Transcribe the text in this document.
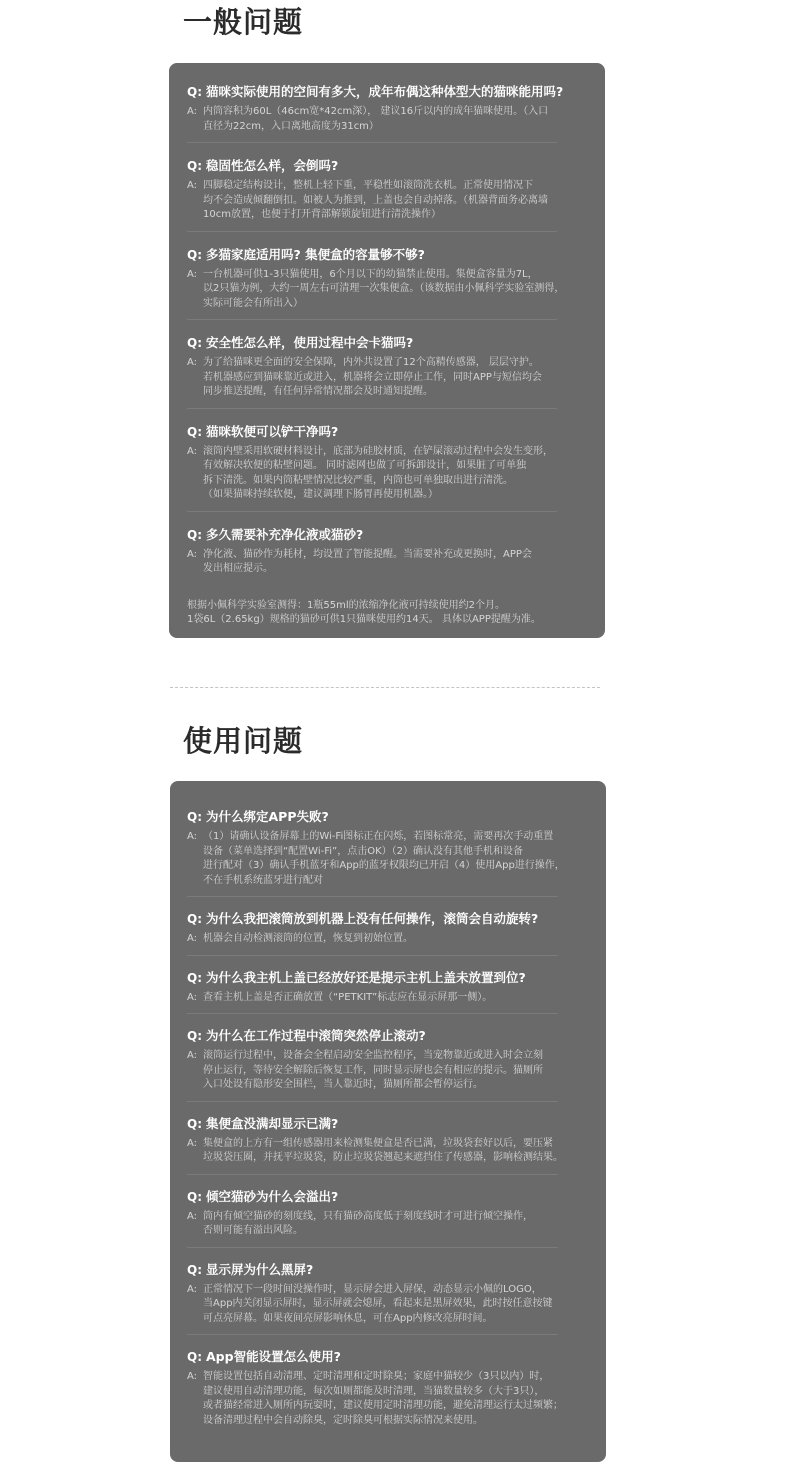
一般问题
Q: 猫咪实际使用的空间有多大，成年布偶这种体型大的猫咪能用吗?
A: 内筒容积为60L（46cm宽*42cm深）， 建议16斤以内的成年猫咪使用。（入口
直径为22cm，入口离地高度为31cm）
Q: 稳固性怎么样，会倒吗?
A: 四脚稳定结构设计，整机上轻下重，平稳性如滚筒洗衣机。正常使用情况下
均不会造成倾翻倒扣。如被人为推到，上盖也会自动掉落。（机器背面务必离墙
10cm放置，也便于打开背部解锁旋钮进行清洗操作）
Q: 多猫家庭适用吗? 集便盒的容量够不够?
A: 一台机器可供1-3只猫使用，6个月以下的幼猫禁止使用。集便盒容量为7L，
以2只猫为例，大约一周左右可清理一次集便盒。（该数据由小佩科学实验室测得，
实际可能会有所出入）
Q: 安全性怎么样，使用过程中会卡猫吗?
A: 为了给猫咪更全面的安全保障，内外共设置了12个高精传感器， 层层守护。
若机器感应到猫咪靠近或进入，机器将会立即停止工作，同时APP与短信均会
同步推送提醒，有任何异常情况都会及时通知提醒。
Q: 猫咪软便可以铲干净吗?
A: 滚筒内壁采用软硬材料设计，底部为硅胶材质，在铲屎滚动过程中会发生变形，
有效解决软便的粘壁问题。 同时滤网也做了可拆卸设计，如果脏了可单独
拆下清洗。如果内筒粘壁情况比较严重，内筒也可单独取出进行清洗。
（如果猫咪持续软便，建议调理下肠胃再使用机器。）
Q: 多久需要补充净化液或猫砂?
A: 净化液、猫砂作为耗材，均设置了智能提醒。当需要补充或更换时，APP会
发出相应提示。
根据小佩科学实验室测得：1瓶55ml的浓缩净化液可持续使用约2个月。
1袋6L（2.65kg）规格的猫砂可供1只猫咪使用约14天。 具体以APP提醒为准。
使用问题
Q: 为什么绑定APP失败?
A: （1）请确认设备屏幕上的Wi-Fi图标正在闪烁，若图标常亮，需要再次手动重置
设备（菜单选择到“配置Wi-Fi”，点击OK）（2）确认没有其他手机和设备
进行配对（3）确认手机蓝牙和App的蓝牙权限均已开启（4）使用App进行操作，
不在手机系统蓝牙进行配对
Q: 为什么我把滚筒放到机器上没有任何操作，滚筒会自动旋转?
A: 机器会自动检测滚筒的位置，恢复到初始位置。
Q: 为什么我主机上盖已经放好还是提示主机上盖未放置到位?
A: 查看主机上盖是否正确放置（“PETKIT”标志应在显示屏那一侧）。
Q: 为什么在工作过程中滚筒突然停止滚动?
A: 滚筒运行过程中，设备会全程启动安全监控程序，当宠物靠近或进入时会立刻
停止运行，等待安全解除后恢复工作，同时显示屏也会有相应的提示。猫厕所
入口处设有隐形安全围栏，当人靠近时，猫厕所都会暂停运行。
Q: 集便盒没满却显示已满?
A: 集便盒的上方有一组传感器用来检测集便盒是否已满，垃圾袋套好以后，要压紧
垃圾袋压圈，并抚平垃圾袋，防止垃圾袋翘起来遮挡住了传感器，影响检测结果。
Q: 倾空猫砂为什么会溢出?
A: 筒内有倾空猫砂的刻度线，只有猫砂高度低于刻度线时才可进行倾空操作，
否则可能有溢出风险。
Q: 显示屏为什么黑屏?
A: 正常情况下一段时间没操作时，显示屏会进入屏保，动态显示小佩的LOGO，
当App内关闭显示屏时，显示屏就会熄屏，看起来是黑屏效果，此时按任意按键
可点亮屏幕。如果夜间亮屏影响休息，可在App内修改亮屏时间。
Q: App智能设置怎么使用?
A: 智能设置包括自动清理、定时清理和定时除臭；家庭中猫较少（3只以内）时，
建议使用自动清理功能，每次如厕都能及时清理，当猫数量较多（大于3只），
或者猫经常进入厕所内玩耍时，建议使用定时清理功能，避免清理运行太过频繁；
设备清理过程中会自动除臭，定时除臭可根据实际情况来使用。
